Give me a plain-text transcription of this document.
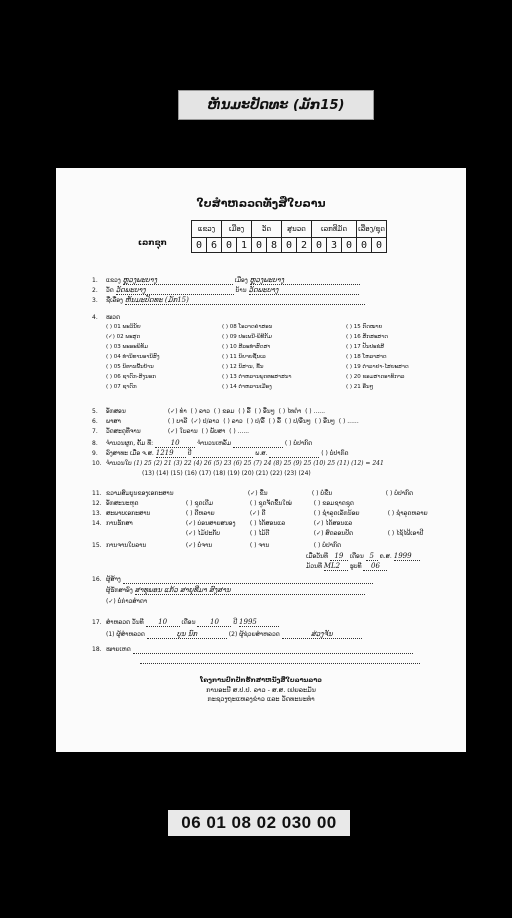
ຫັນມະປັດທະ (ມັກ15)
ໃບສໍາຫລວດທັງສືໃບລານ
ເລກຊຸກ
ແຂວງ		ເມືອງ		ວັດ		ສູນວດ		ເລກທີມັດ			ເລື່ອງ/ຊຸດ	
0	6	0	1	0	8	0	2	0	3	0	0	0
1. ແຂວງ ຫຼວງພະບາງ	ເມືອງ ຫຼວງພະບາງ
2. ວັດ ວັດພະບາງ	ບ້ານ ວັດພະບາງ
3. ຊື່ເລື່ອງ ຫັນມະປັດທະ (ມັກ15)
4. ໝວດ
( ) 01 ພະວິນັຍ
(✓) 02 ພະສູດ
( ) 03 ພະອະພິທັມ
( ) 04 ທໍານິທານອານິສົງ
( ) 05 ນິທານພື້ນບ້ານ
( ) 06 ຊາດົກ-ສິງນອກ
( ) 07 ຊາດົກ
( ) 08 ໂອວາດຄໍາສອນ
( ) 09 ປະເພນີ-ພິທີກັມ
( ) 10 ສີລະທໍາສົດສາ
( ) 11 ນິຍາຍຊັ້ນເລ
( ) 12 ນິສານ, ຂື້ນ
( ) 13 ຕໍາຫລານພຸດທະສາສນາ
( ) 14 ຕໍາຫລານເມືອງ
( ) 15 ກົດໝາຍ
( ) 16 ສັກສະສາດ
( ) 17 ປັນປະຂໍສີ
( ) 18 ໂຫລາສາດ
( ) 19 ຕໍາລາຢາ-ໄສຍະສາດ
( ) 20 ຂອມສາດອາທິກາລ
( ) 21 ອື່ນໆ
5. ອັກສອນ	(✓) ທໍາ ( ) ລາວ ( ) ຂອມ ( ) ລື້ ( ) ອື່ນໆ ( ) ໄທດໍາ ( ) ......
6. ພາສາ	( ) ບາລີ (✓) ປ/ລາວ ( ) ລາວ ( ) ປ/ລື້ ( ) ລື້ ( ) ປ/ອື່ນໆ ( ) ອື່ນໆ ( ) ......
7. ວັດສະດຸທີ່ຈານ	(✓) ໃບລານ ( ) ພັບສາ ( ) ......
8. ຈໍານວນຜູກ, ຄັ້ມ ທີ່: 10	ຈໍານວນເຫລັ້ມ	( ) ບໍ່ປາກົດ
9. ລົງສາທະ ເມື່ອ ຈ.ສ. 1219 ປີ	ພ.ສ.	( ) ບໍ່ປາກົດ
10. ຈໍານວນໃບ (1) 25 (2) 21 (3) 22 (4) 26 (5) 23 (6) 25 (7) 24 (8) 25 (9) 25 (10) 25 (11) (12) = 241
(13) (14) (15) (16) (17) (18) (19) (20) (21) (22) (23) (24)
11. ຂວາມສົມບູນຂອງເອກະສານ	(✓) ຂື່ນ	( ) ບໍ່ຂື່ນ	( ) ບໍ່ປາກົດ
12. ອັກສະນະຫຸດ	( ) ຊຸດເດີມ	( ) ຊຸດຈັດຂຶ້ນໃໝ່	( ) ຂອມຊາດຊຸດ
13. ສະພາບເອກະສານ	( ) ດີຫລາຍ	(✓) ດີ	( ) ຊໍາລຸດເລັກນ້ອຍ	( ) ຊໍາລຸດຫລາຍ
14. ການຮັກສາ	(✓) ບ່ອນສາຍສນອງ ( ) ໄດ້ສອນແລ	(✓) ໄດ້ສອນແລ
(✓) ໄມ້ປະກັບ	( ) ໄມ້ຕີ	(✓) ສົດລອນປັດ	( ) ໄຊ້ໄຟ້ເອາປີ
15. ການຈານໃບລານ	(✓) ບໍ່ຈານ	( ) ຈານ	( ) ບໍ່ປາກົດ
ເມື່ອວັນທີ 19 ເດືອນ 5 ຄ.ສ. 1999
ມ້ວນທີ ML2 ຮູບທີ 06
16. ຜູ້ສ້າງ
ຜູ້ຮັກສາອົງ ສາທຸພອນ ແກ້ວ ສາຍຸທີ່ມາ ສົງສານ
(✓) ບໍ່ກ່າວສໍາດາ
17. ສໍາຫລວດ ວັນທີ 10 ເດືອນ 10 ປີ 1995
(1) ຜູ້ສໍາຫລວດ	ບຸນ ນົກ	(2) ຜູ້ຊ່ວຍສໍາຫລວດ	ສ່ວງຈັນ
18. ໝາຍເຫດ
ໂຄງການປົກປັກຮັກສາຫນັງສືໃບລານລາວ
ການອະນີ ສ.ປ.ປ. ລາວ - ສ.ສ. ເຢຍລະມັນ
ກະຊວງຖະແຫລງຂ່າວ ແລະ ວັດທະນະທໍາ
06 01 08 02 030 00
